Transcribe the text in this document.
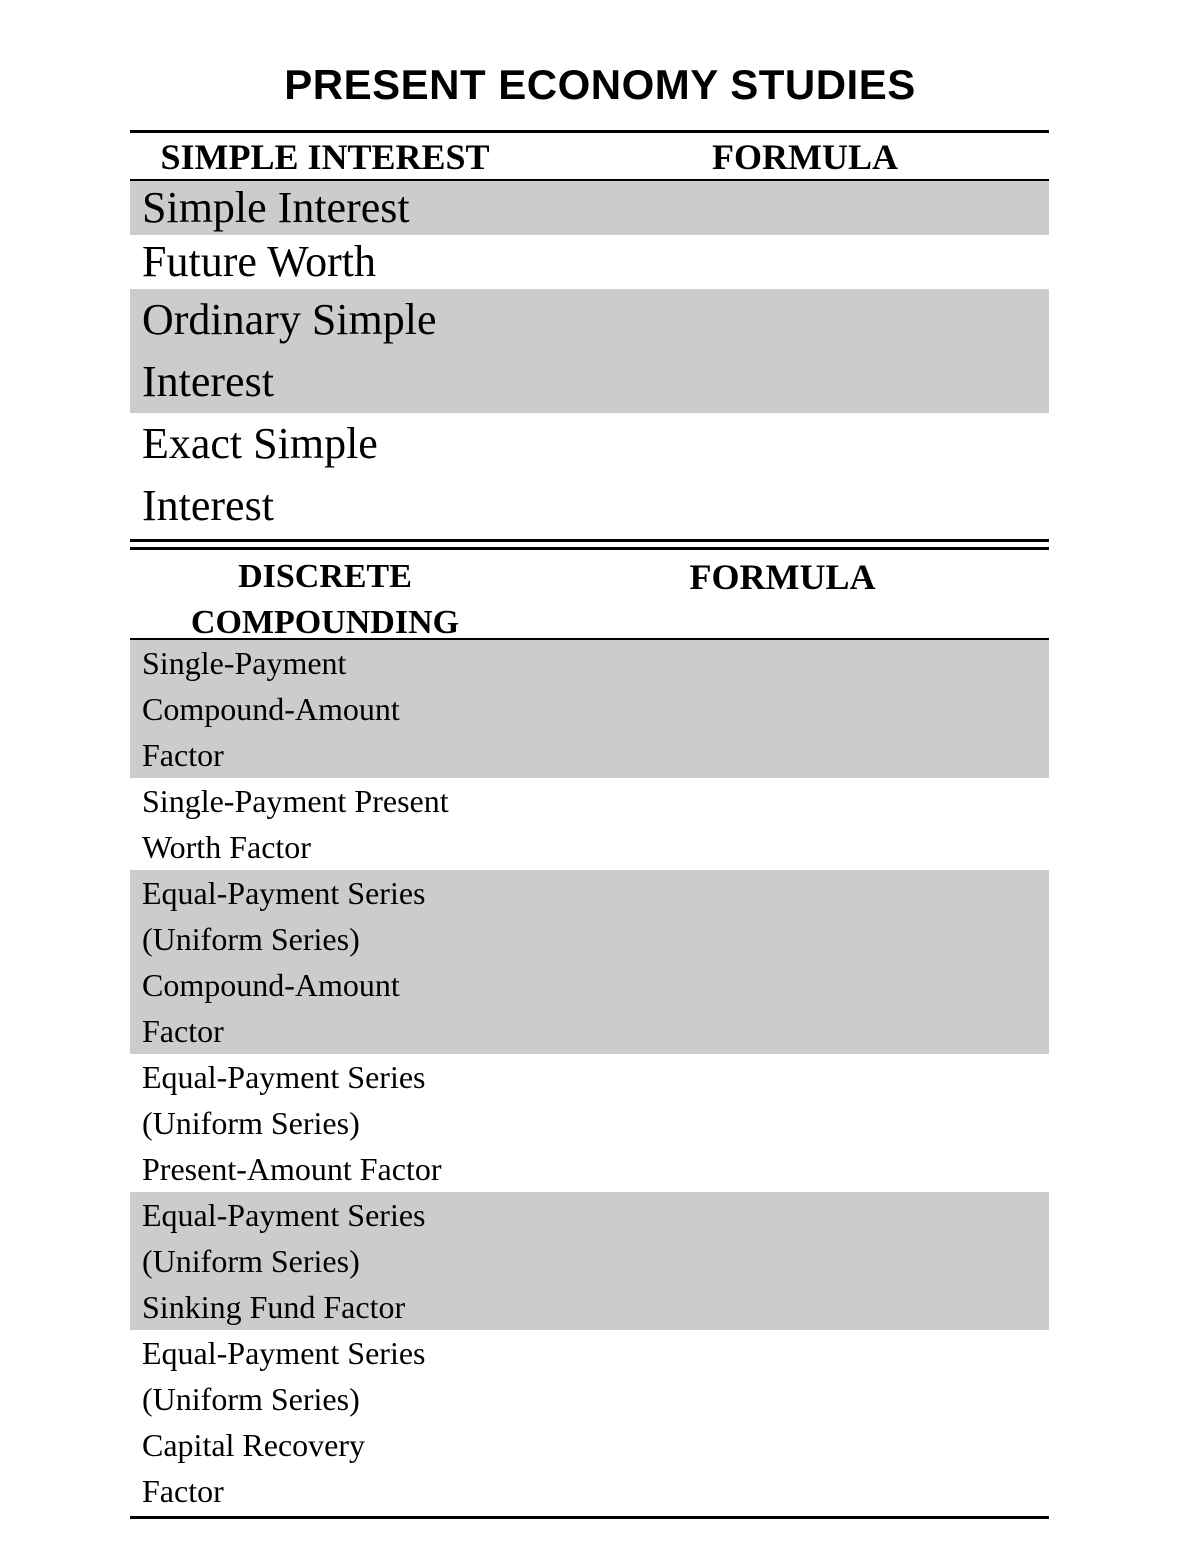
PRESENT ECONOMY STUDIES
SIMPLE INTEREST	FORMULA
Simple Interest
Future Worth
Ordinary Simple
Interest
Exact Simple
Interest
DISCRETE
COMPOUNDING
FORMULA
Single-Payment
Compound-Amount
Factor
Single-Payment Present
Worth Factor
Equal-Payment Series
(Uniform Series)
Compound-Amount
Factor
Equal-Payment Series
(Uniform Series)
Present-Amount Factor
Equal-Payment Series
(Uniform Series)
Sinking Fund Factor
Equal-Payment Series
(Uniform Series)
Capital Recovery
Factor
